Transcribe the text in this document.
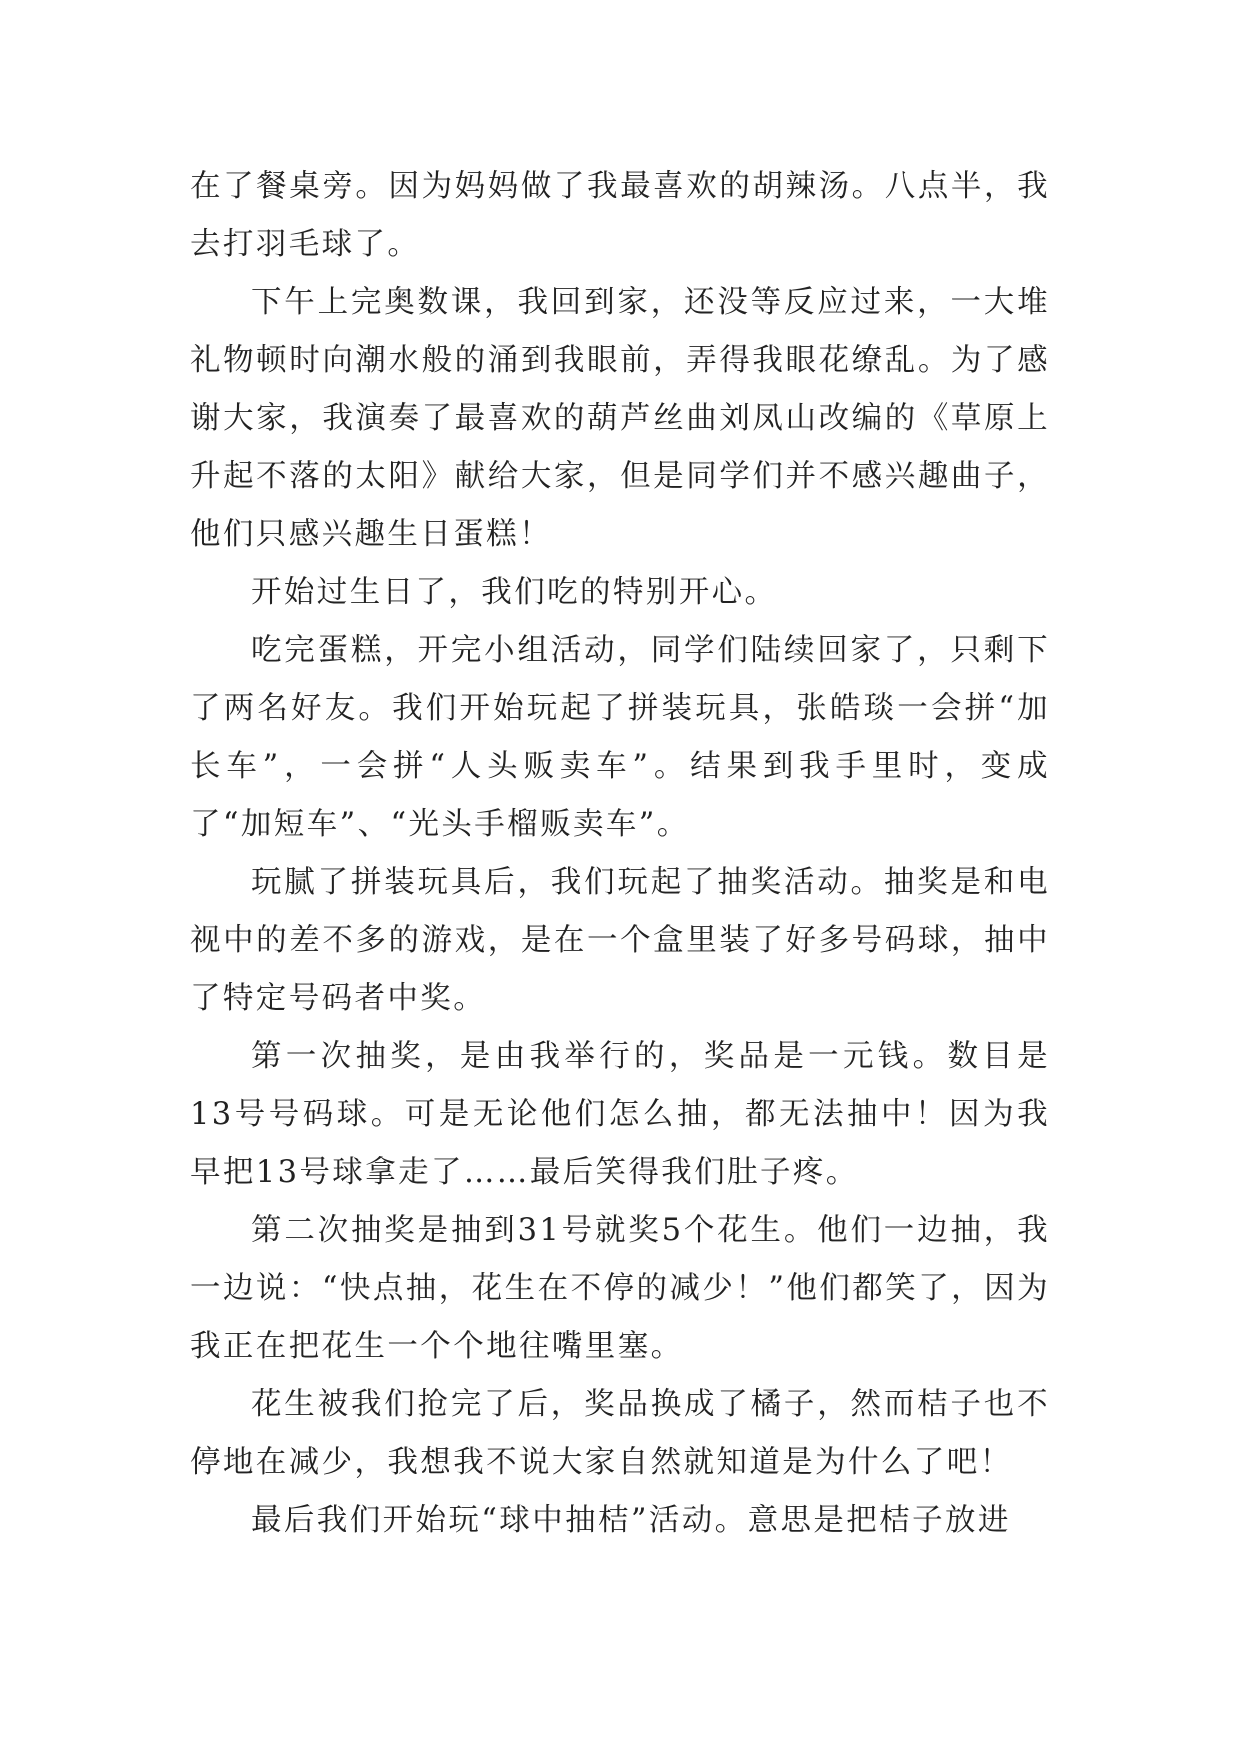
在了餐桌旁。因为妈妈做了我最喜欢的胡辣汤。八点半，我去打羽毛球了。

下午上完奥数课，我回到家，还没等反应过来，一大堆礼物顿时向潮水般的涌到我眼前，弄得我眼花缭乱。为了感谢大家，我演奏了最喜欢的葫芦丝曲刘凤山改编的《草原上升起不落的太阳》献给大家，但是同学们并不感兴趣曲子，他们只感兴趣生日蛋糕！

开始过生日了，我们吃的特别开心。

吃完蛋糕，开完小组活动，同学们陆续回家了，只剩下了两名好友。我们开始玩起了拼装玩具，张皓琰一会拼“加长车”，一会拼“人头贩卖车”。结果到我手里时，变成了“加短车”、“光头手榴贩卖车”。

玩腻了拼装玩具后，我们玩起了抽奖活动。抽奖是和电视中的差不多的游戏，是在一个盒里装了好多号码球，抽中了特定号码者中奖。

第一次抽奖，是由我举行的，奖品是一元钱。数目是13号号码球。可是无论他们怎么抽，都无法抽中！因为我早把13号球拿走了……最后笑得我们肚子疼。

第二次抽奖是抽到31号就奖5个花生。他们一边抽，我一边说：“快点抽，花生在不停的减少！”他们都笑了，因为我正在把花生一个个地往嘴里塞。

花生被我们抢完了后，奖品换成了橘子，然而桔子也不停地在减少，我想我不说大家自然就知道是为什么了吧！

最后我们开始玩“球中抽桔”活动。意思是把桔子放进
